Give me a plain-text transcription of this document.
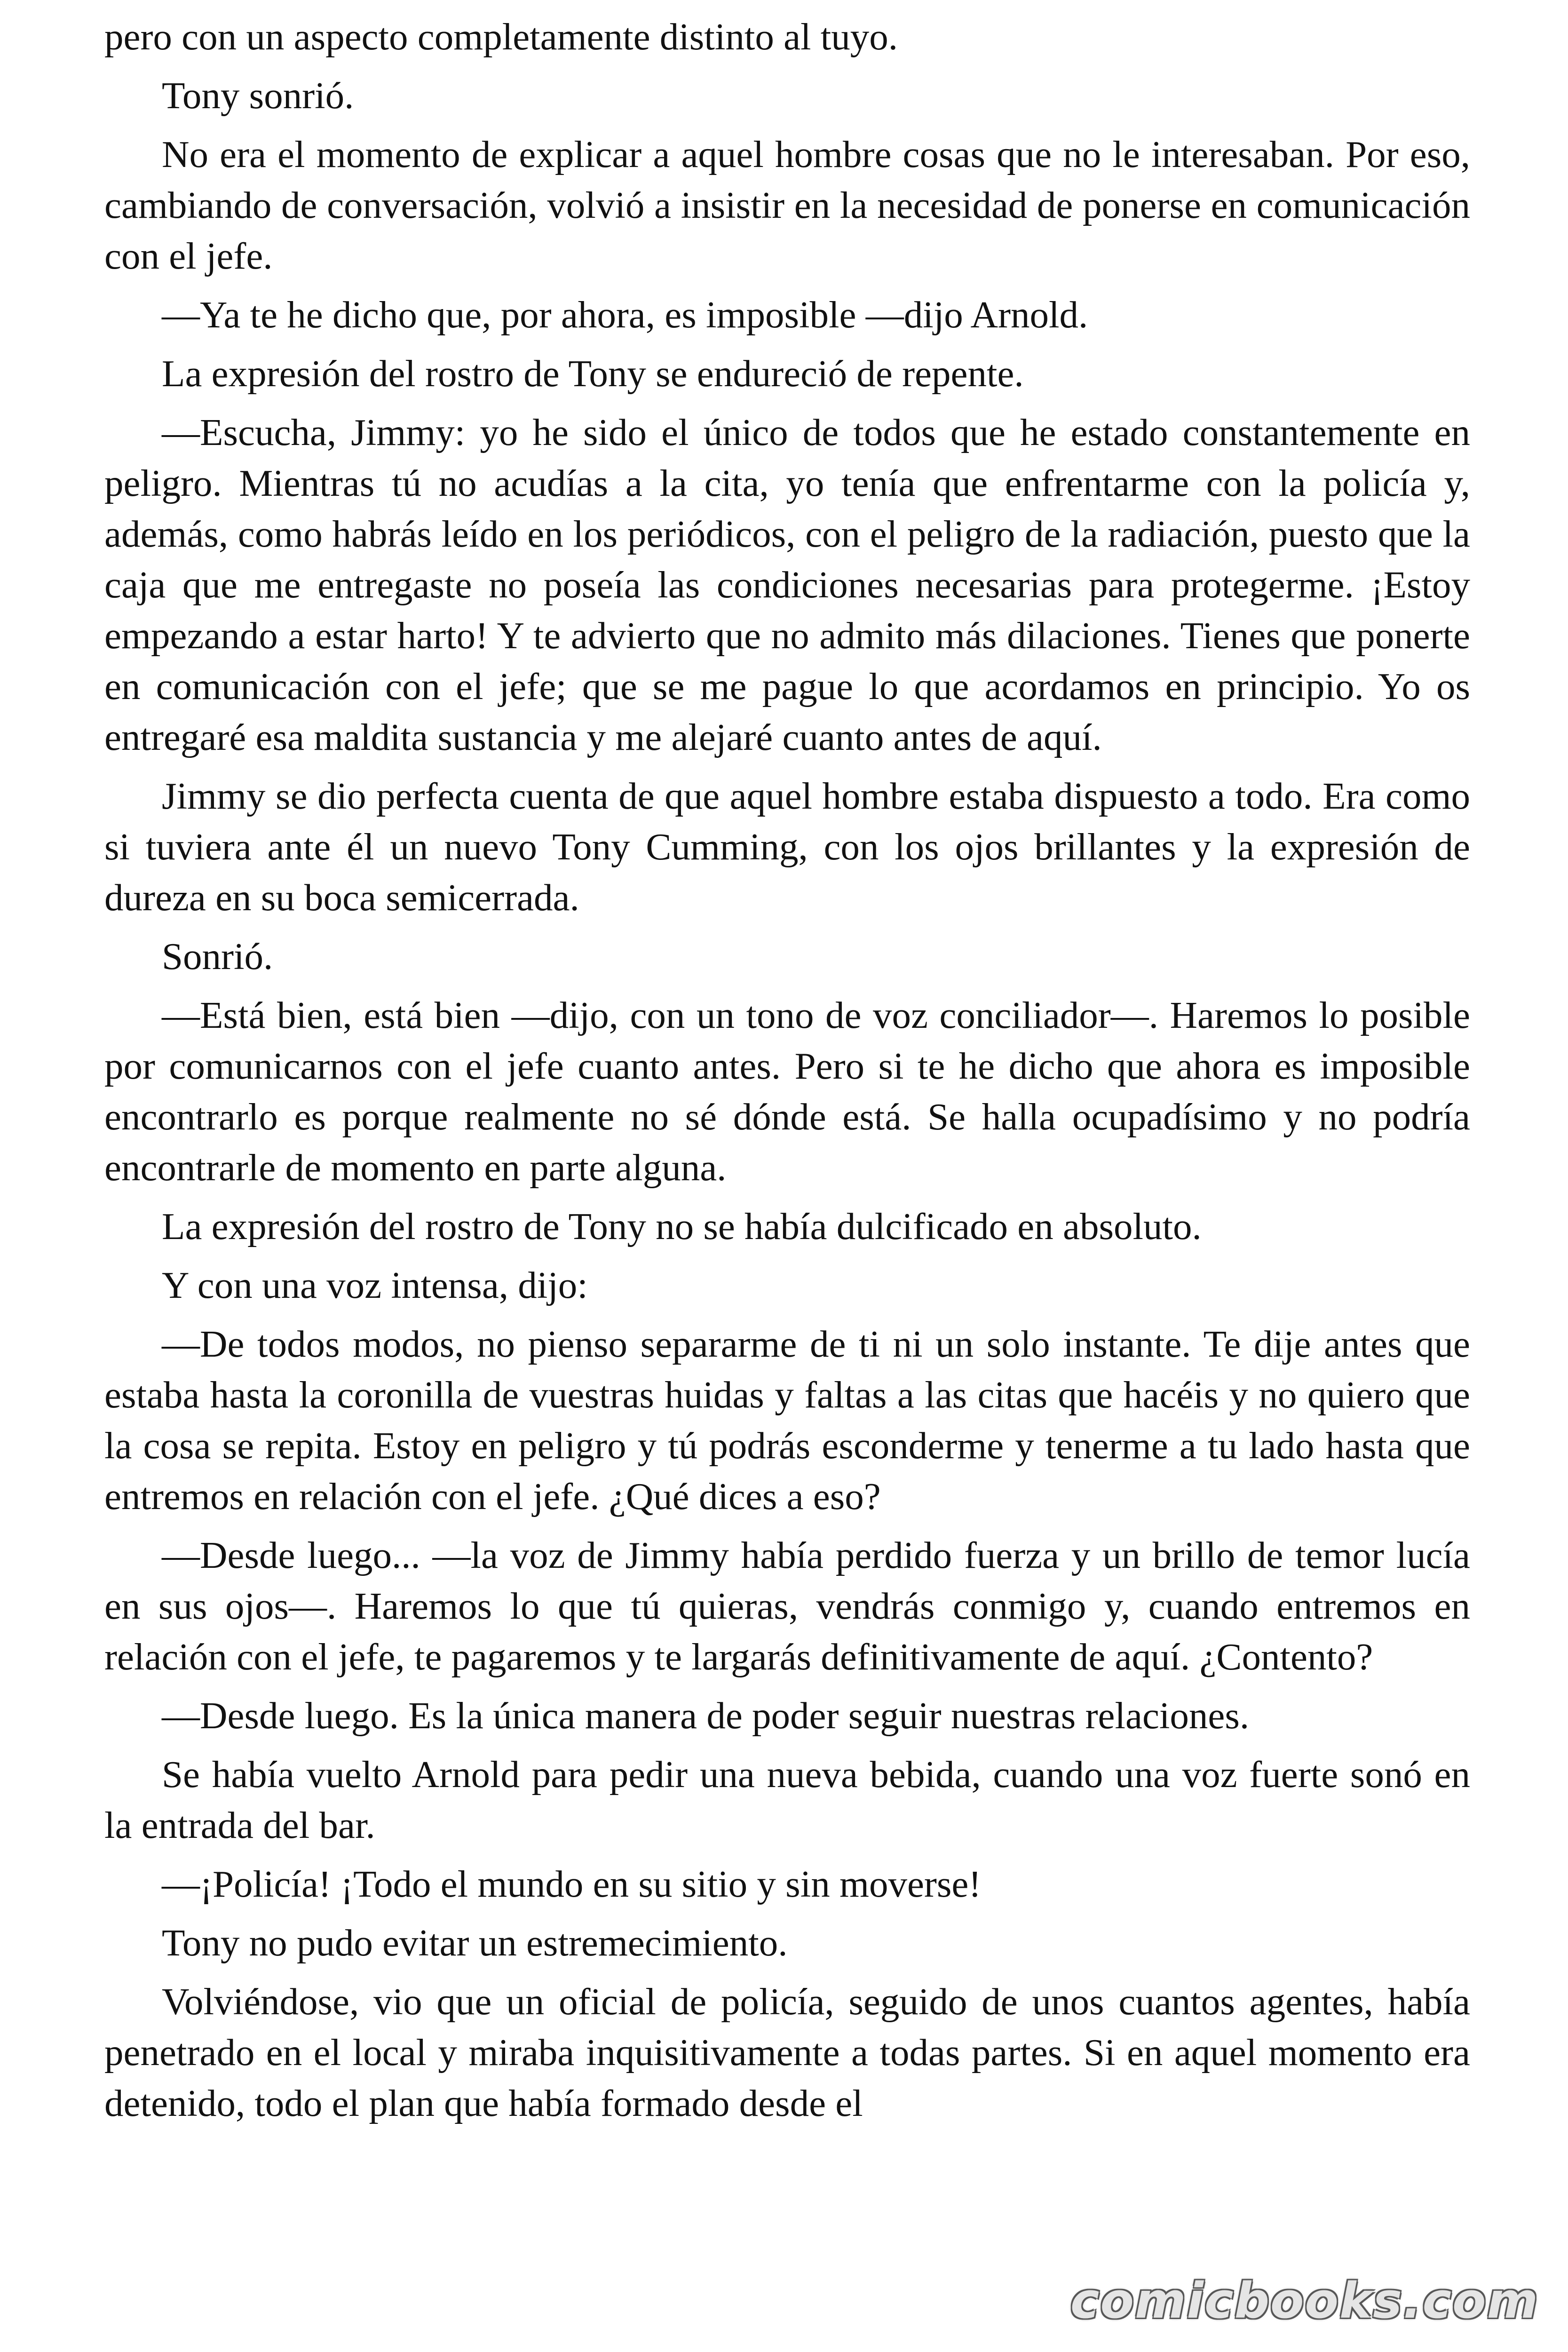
pero con un aspecto completamente distinto al tuyo.

Tony sonrió.

No era el momento de explicar a aquel hombre cosas que no le interesaban. Por eso, cambiando de conversación, volvió a insistir en la necesidad de ponerse en comunicación con el jefe.

—Ya te he dicho que, por ahora, es imposible —dijo Arnold.

La expresión del rostro de Tony se endureció de repente.

—Escucha, Jimmy: yo he sido el único de todos que he estado constantemente en peligro. Mientras tú no acudías a la cita, yo tenía que enfrentarme con la policía y, además, como habrás leído en los periódicos, con el peligro de la radiación, puesto que la caja que me entregaste no poseía las condiciones necesarias para protegerme. ¡Estoy empezando a estar harto! Y te advierto que no admito más dilaciones. Tienes que ponerte en comunicación con el jefe; que se me pague lo que acordamos en principio. Yo os entregaré esa maldita sustancia y me alejaré cuanto antes de aquí.

Jimmy se dio perfecta cuenta de que aquel hombre estaba dispuesto a todo. Era como si tuviera ante él un nuevo Tony Cumming, con los ojos brillantes y la expresión de dureza en su boca semicerrada.

Sonrió.

—Está bien, está bien —dijo, con un tono de voz conciliador—. Haremos lo posible por comunicarnos con el jefe cuanto antes. Pero si te he dicho que ahora es imposible encontrarlo es porque realmente no sé dónde está. Se halla ocupadísimo y no podría encontrarle de momento en parte alguna.

La expresión del rostro de Tony no se había dulcificado en absoluto.

Y con una voz intensa, dijo:

—De todos modos, no pienso separarme de ti ni un solo instante. Te dije antes que estaba hasta la coronilla de vuestras huidas y faltas a las citas que hacéis y no quiero que la cosa se repita. Estoy en peligro y tú podrás esconderme y tenerme a tu lado hasta que entremos en relación con el jefe. ¿Qué dices a eso?

—Desde luego... —la voz de Jimmy había perdido fuerza y un brillo de temor lucía en sus ojos—. Haremos lo que tú quieras, vendrás conmigo y, cuando entremos en relación con el jefe, te pagaremos y te largarás definitivamente de aquí. ¿Contento?

—Desde luego. Es la única manera de poder seguir nuestras relaciones.

Se había vuelto Arnold para pedir una nueva bebida, cuando una voz fuerte sonó en la entrada del bar.

—¡Policía! ¡Todo el mundo en su sitio y sin moverse!

Tony no pudo evitar un estremecimiento.

Volviéndose, vio que un oficial de policía, seguido de unos cuantos agentes, había penetrado en el local y miraba inquisitivamente a todas partes. Si en aquel momento era detenido, todo el plan que había formado desde el

comicbooks.com
